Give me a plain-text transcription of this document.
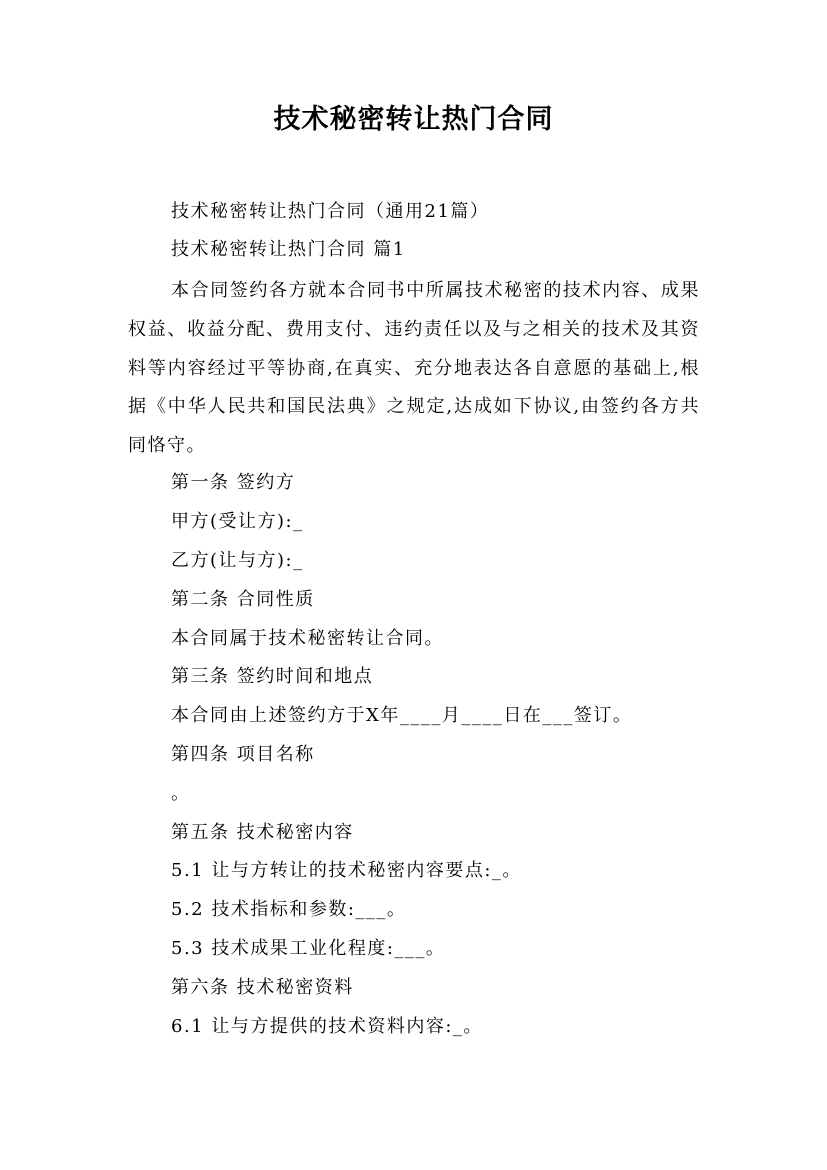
技术秘密转让热门合同
技术秘密转让热门合同（通用21篇）
技术秘密转让热门合同 篇1
本合同签约各方就本合同书中所属技术秘密的技术内容、成果权益、收益分配、费用支付、违约责任以及与之相关的技术及其资料等内容经过平等协商,在真实、充分地表达各自意愿的基础上,根据《中华人民共和国民法典》之规定,达成如下协议,由签约各方共同恪守。
第一条 签约方
甲方(受让方):_
乙方(让与方):_
第二条 合同性质
本合同属于技术秘密转让合同。
第三条 签约时间和地点
本合同由上述签约方于X年____月____日在___签订。
第四条 项目名称
。
第五条 技术秘密内容
5.1 让与方转让的技术秘密内容要点:_。
5.2 技术指标和参数:___。
5.3 技术成果工业化程度:___。
第六条 技术秘密资料
6.1 让与方提供的技术资料内容:_。
